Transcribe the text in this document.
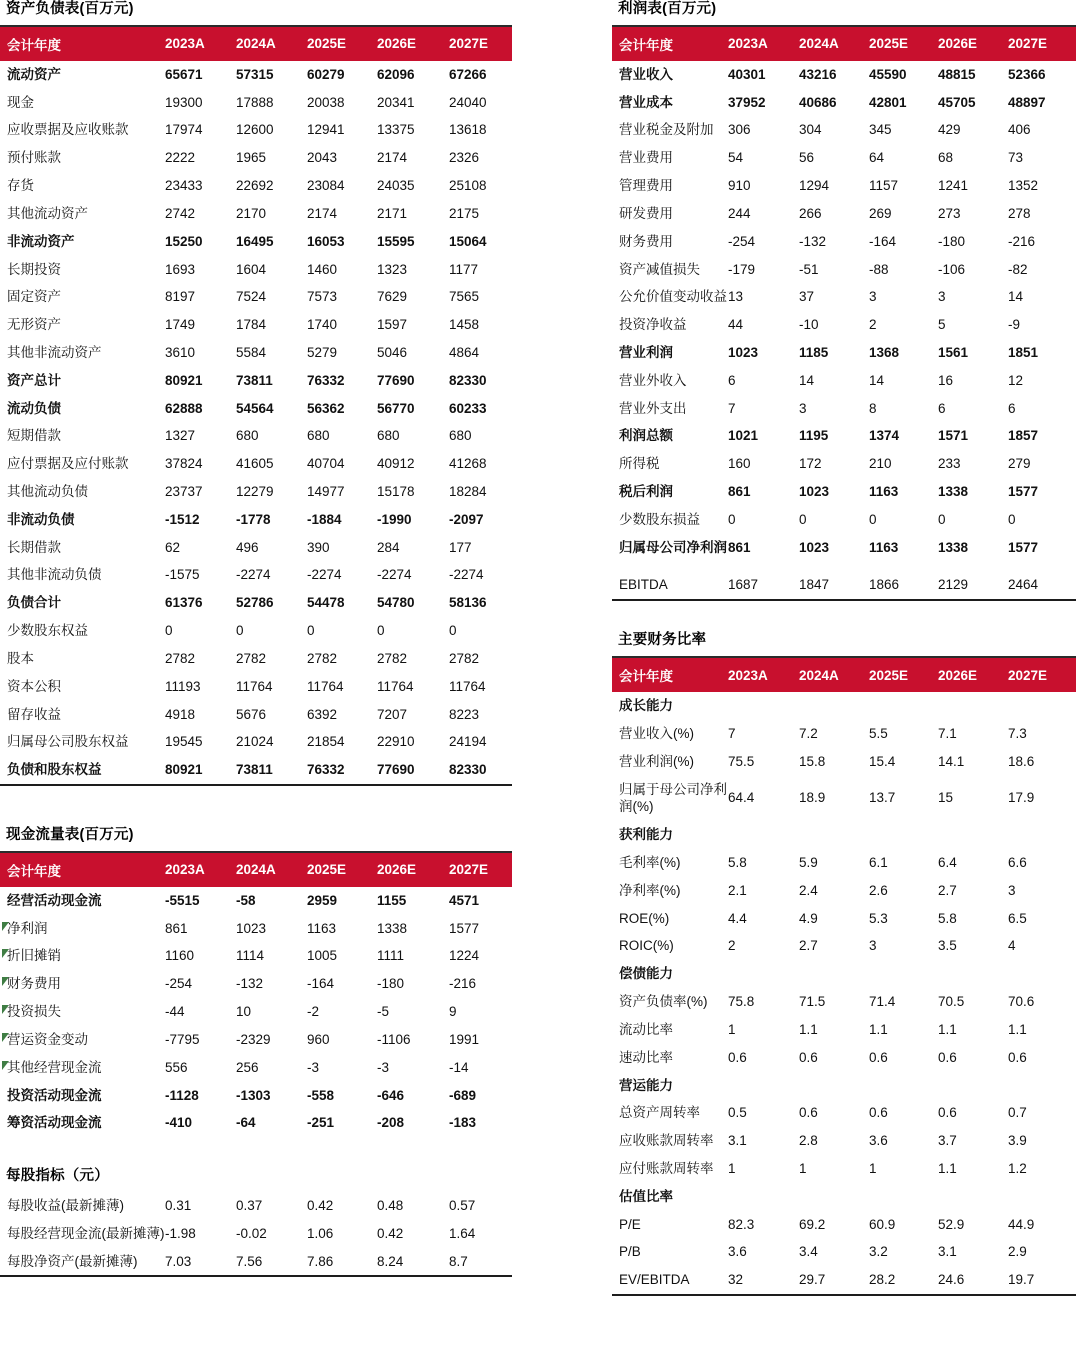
资产负债表(百万元)
会计年度	2023A	2024A	2025E	2026E	2027E
流动资产	65671	57315	60279	62096	67266
现金	19300	17888	20038	20341	24040
应收票据及应收账款	17974	12600	12941	13375	13618
预付账款	2222	1965	2043	2174	2326
存货	23433	22692	23084	24035	25108
其他流动资产	2742	2170	2174	2171	2175
非流动资产	15250	16495	16053	15595	15064
长期投资	1693	1604	1460	1323	1177
固定资产	8197	7524	7573	7629	7565
无形资产	1749	1784	1740	1597	1458
其他非流动资产	3610	5584	5279	5046	4864
资产总计	80921	73811	76332	77690	82330
流动负债	62888	54564	56362	56770	60233
短期借款	1327	680	680	680	680
应付票据及应付账款	37824	41605	40704	40912	41268
其他流动负债	23737	12279	14977	15178	18284
非流动负债	-1512	-1778	-1884	-1990	-2097
长期借款	62	496	390	284	177
其他非流动负债	-1575	-2274	-2274	-2274	-2274
负债合计	61376	52786	54478	54780	58136
少数股东权益	0	0	0	0	0
股本	2782	2782	2782	2782	2782
资本公积	11193	11764	11764	11764	11764
留存收益	4918	5676	6392	7207	8223
归属母公司股东权益	19545	21024	21854	22910	24194
负债和股东权益	80921	73811	76332	77690	82330
现金流量表(百万元)
会计年度	2023A	2024A	2025E	2026E	2027E
经营活动现金流	-5515	-58	2959	1155	4571

净利润	861	1023	1163	1338	1577

折旧摊销	1160	1114	1005	1111	1224

财务费用	-254	-132	-164	-180	-216

投资损失	-44	10	-2	-5	9

营运资金变动	-7795	-2329	960	-1106	1991

其他经营现金流	556	256	-3	-3	-14
投资活动现金流	-1128	-1303	-558	-646	-689
筹资活动现金流	-410	-64	-251	-208	-183
每股指标（元）
每股收益(最新摊薄)	0.31	0.37	0.42	0.48	0.57
每股经营现金流(最新摊薄)	-1.98	-0.02	1.06	0.42	1.64
每股净资产(最新摊薄)	7.03	7.56	7.86	8.24	8.7
利润表(百万元)
会计年度	2023A	2024A	2025E	2026E	2027E
营业收入	40301	43216	45590	48815	52366
营业成本	37952	40686	42801	45705	48897
营业税金及附加	306	304	345	429	406
营业费用	54	56	64	68	73
管理费用	910	1294	1157	1241	1352
研发费用	244	266	269	273	278
财务费用	-254	-132	-164	-180	-216
资产减值损失	-179	-51	-88	-106	-82
公允价值变动收益	13	37	3	3	14
投资净收益	44	-10	2	5	-9
营业利润	1023	1185	1368	1561	1851
营业外收入	6	14	14	16	12
营业外支出	7	3	8	6	6
利润总额	1021	1195	1374	1571	1857
所得税	160	172	210	233	279
税后利润	861	1023	1163	1338	1577
少数股东损益	0	0	0	0	0
归属母公司净利润	861	1023	1163	1338	1577

EBITDA	1687	1847	1866	2129	2464
主要财务比率
会计年度	2023A	2024A	2025E	2026E	2027E
成长能力					
营业收入(%)	7	7.2	5.5	7.1	7.3
营业利润(%)	75.5	15.8	15.4	14.1	18.6
归属于母公司净利润(%)	64.4	18.9	13.7	15	17.9
获利能力					
毛利率(%)	5.8	5.9	6.1	6.4	6.6
净利率(%)	2.1	2.4	2.6	2.7	3
ROE(%)	4.4	4.9	5.3	5.8	6.5
ROIC(%)	2	2.7	3	3.5	4
偿债能力					
资产负债率(%)	75.8	71.5	71.4	70.5	70.6
流动比率	1	1.1	1.1	1.1	1.1
速动比率	0.6	0.6	0.6	0.6	0.6
营运能力					
总资产周转率	0.5	0.6	0.6	0.6	0.7
应收账款周转率	3.1	2.8	3.6	3.7	3.9
应付账款周转率	1	1	1	1.1	1.2
估值比率					
P/E	82.3	69.2	60.9	52.9	44.9
P/B	3.6	3.4	3.2	3.1	2.9
EV/EBITDA	32	29.7	28.2	24.6	19.7
